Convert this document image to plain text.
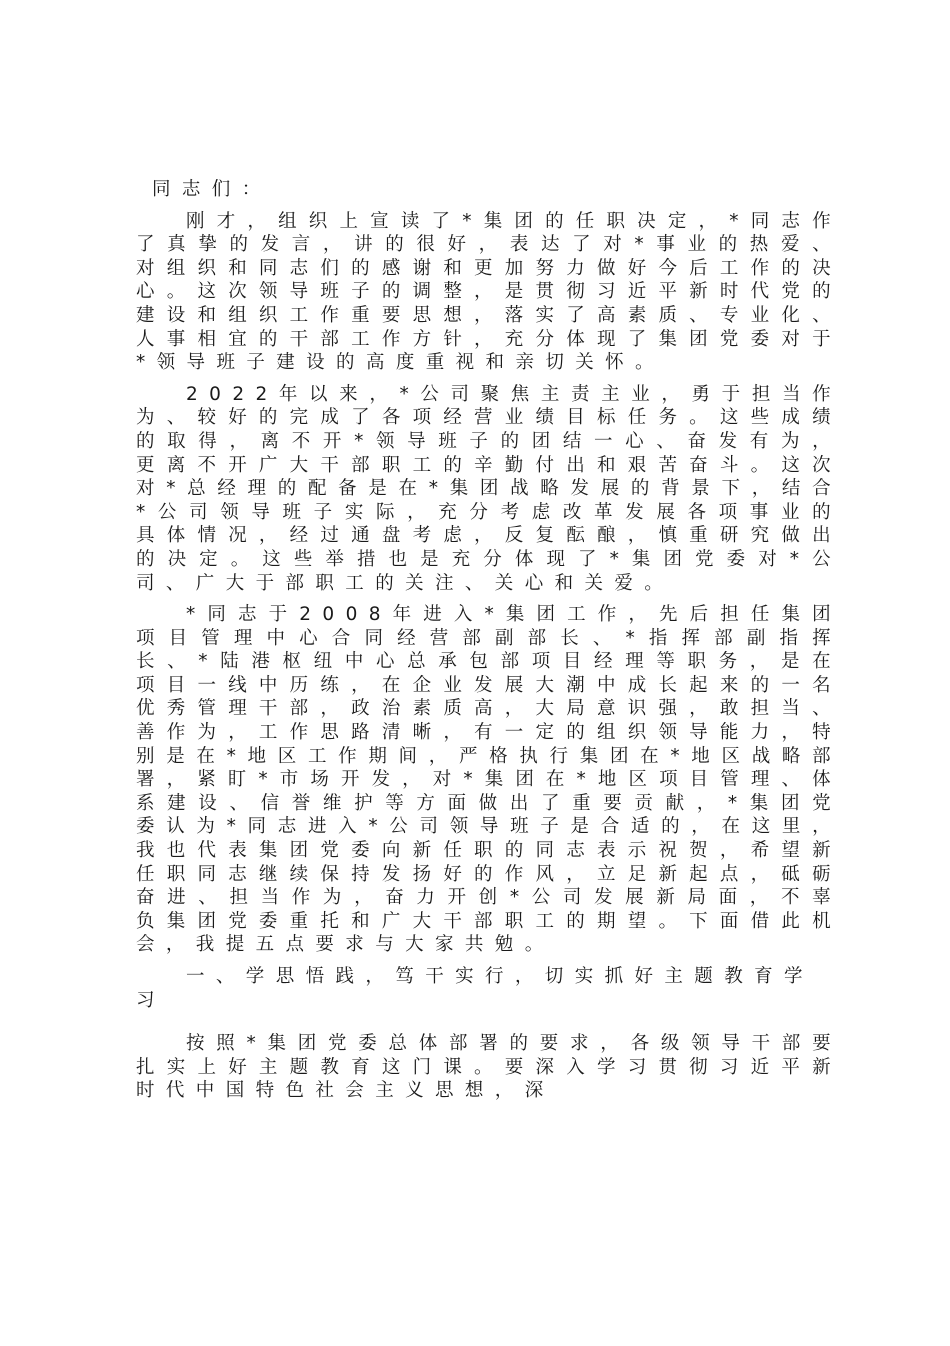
同志们：
刚才，组织上宣读了*集团的任职决定，*同志作了真挚的发言，讲的很好，表达了对*事业的热爱、对组织和同志们的感谢和更加努力做好今后工作的决心。这次领导班子的调整，是贯彻习近平新时代党的建设和组织工作重要思想，落实了高素质、专业化、人事相宜的干部工作方针，充分体现了集团党委对于*领导班子建设的高度重视和亲切关怀。
2022年以来，*公司聚焦主责主业，勇于担当作为、较好的完成了各项经营业绩目标任务。这些成绩的取得，离不开*领导班子的团结一心、奋发有为，更离不开广大干部职工的辛勤付出和艰苦奋斗。这次对*总经理的配备是在*集团战略发展的背景下，结合*公司领导班子实际，充分考虑改革发展各项事业的具体情况，经过通盘考虑，反复酝酿，慎重研究做出的决定。这些举措也是充分体现了*集团党委对*公司、广大于部职工的关注、关心和关爱。
*同志于2008年进入*集团工作，先后担任集团项目管理中心合同经营部副部长、*指挥部副指挥长、*陆港枢纽中心总承包部项目经理等职务，是在项目一线中历练，在企业发展大潮中成长起来的一名优秀管理干部，政治素质高，大局意识强，敢担当、善作为，工作思路清晰，有一定的组织领导能力，特别是在*地区工作期间，严格执行集团在*地区战略部署，紧盯*市场开发，对*集团在*地区项目管理、体系建设、信誉维护等方面做出了重要贡献，*集团党委认为*同志进入*公司领导班子是合适的，在这里，我也代表集团党委向新任职的同志表示祝贺，希望新任职同志继续保持发扬好的作风，立足新起点，砥砺奋进、担当作为，奋力开创*公司发展新局面，不辜负集团党委重托和广大干部职工的期望。下面借此机会，我提五点要求与大家共勉。
一、学思悟践，笃干实行，切实抓好主题教育学习
按照*集团党委总体部署的要求，各级领导干部要扎实上好主题教育这门课。要深入学习贯彻习近平新时代中国特色社会主义思想，深
